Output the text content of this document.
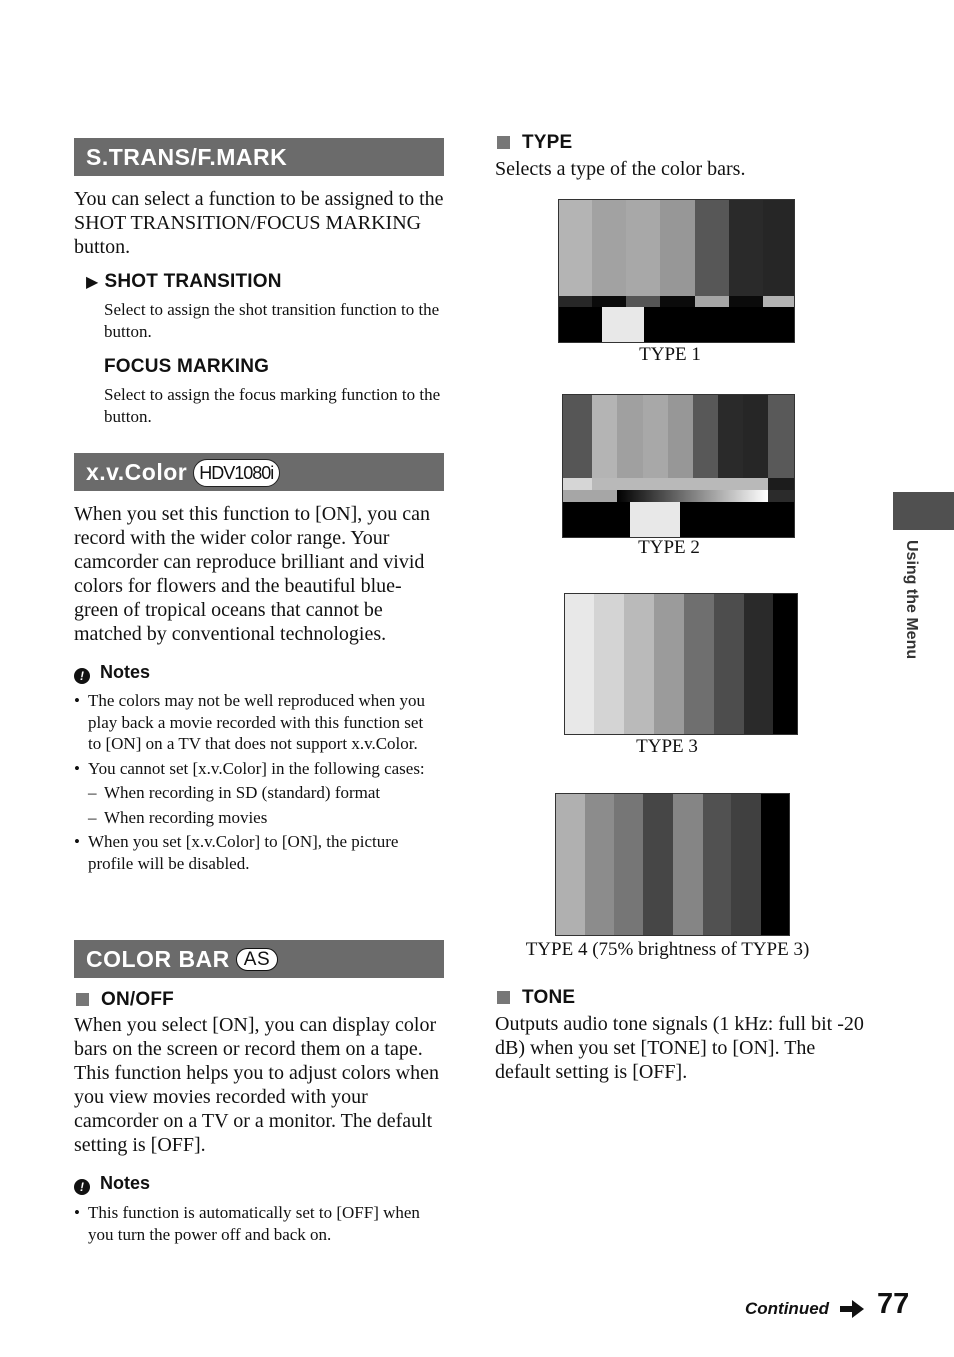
S.TRANS/F.MARK
You can select a function to be assigned to the SHOT TRANSITION/FOCUS MARKING button.
▶ SHOT TRANSITION
Select to assign the shot transition function to the button.
FOCUS MARKING
Select to assign the focus marking function to the button.
x.v.Color HDV1080i
When you set this function to [ON], you can record with the wider color range. Your camcorder can reproduce brilliant and vivid colors for flowers and the beautiful blue-green of tropical oceans that cannot be matched by conventional technologies.
! Notes
• The colors may not be well reproduced when you play back a movie recorded with this function set to [ON] on a TV that does not support x.v.Color.
• You cannot set [x.v.Color] in the following cases:
– When recording in SD (standard) format
– When recording movies
• When you set [x.v.Color] to [ON], the picture profile will be disabled.
COLOR BAR AS
ON/OFF
When you select [ON], you can display color bars on the screen or record them on a tape. This function helps you to adjust colors when you view movies recorded with your camcorder on a TV or a monitor. The default setting is [OFF].
! Notes
• This function is automatically set to [OFF] when you turn the power off and back on.
TYPE
Selects a type of the color bars.
TYPE 1
TYPE 2
TYPE 3
TYPE 4 (75% brightness of TYPE 3)
TONE
Outputs audio tone signals (1 kHz: full bit -20 dB) when you set [TONE] to [ON]. The default setting is [OFF].
Using the Menu
Continued 77
